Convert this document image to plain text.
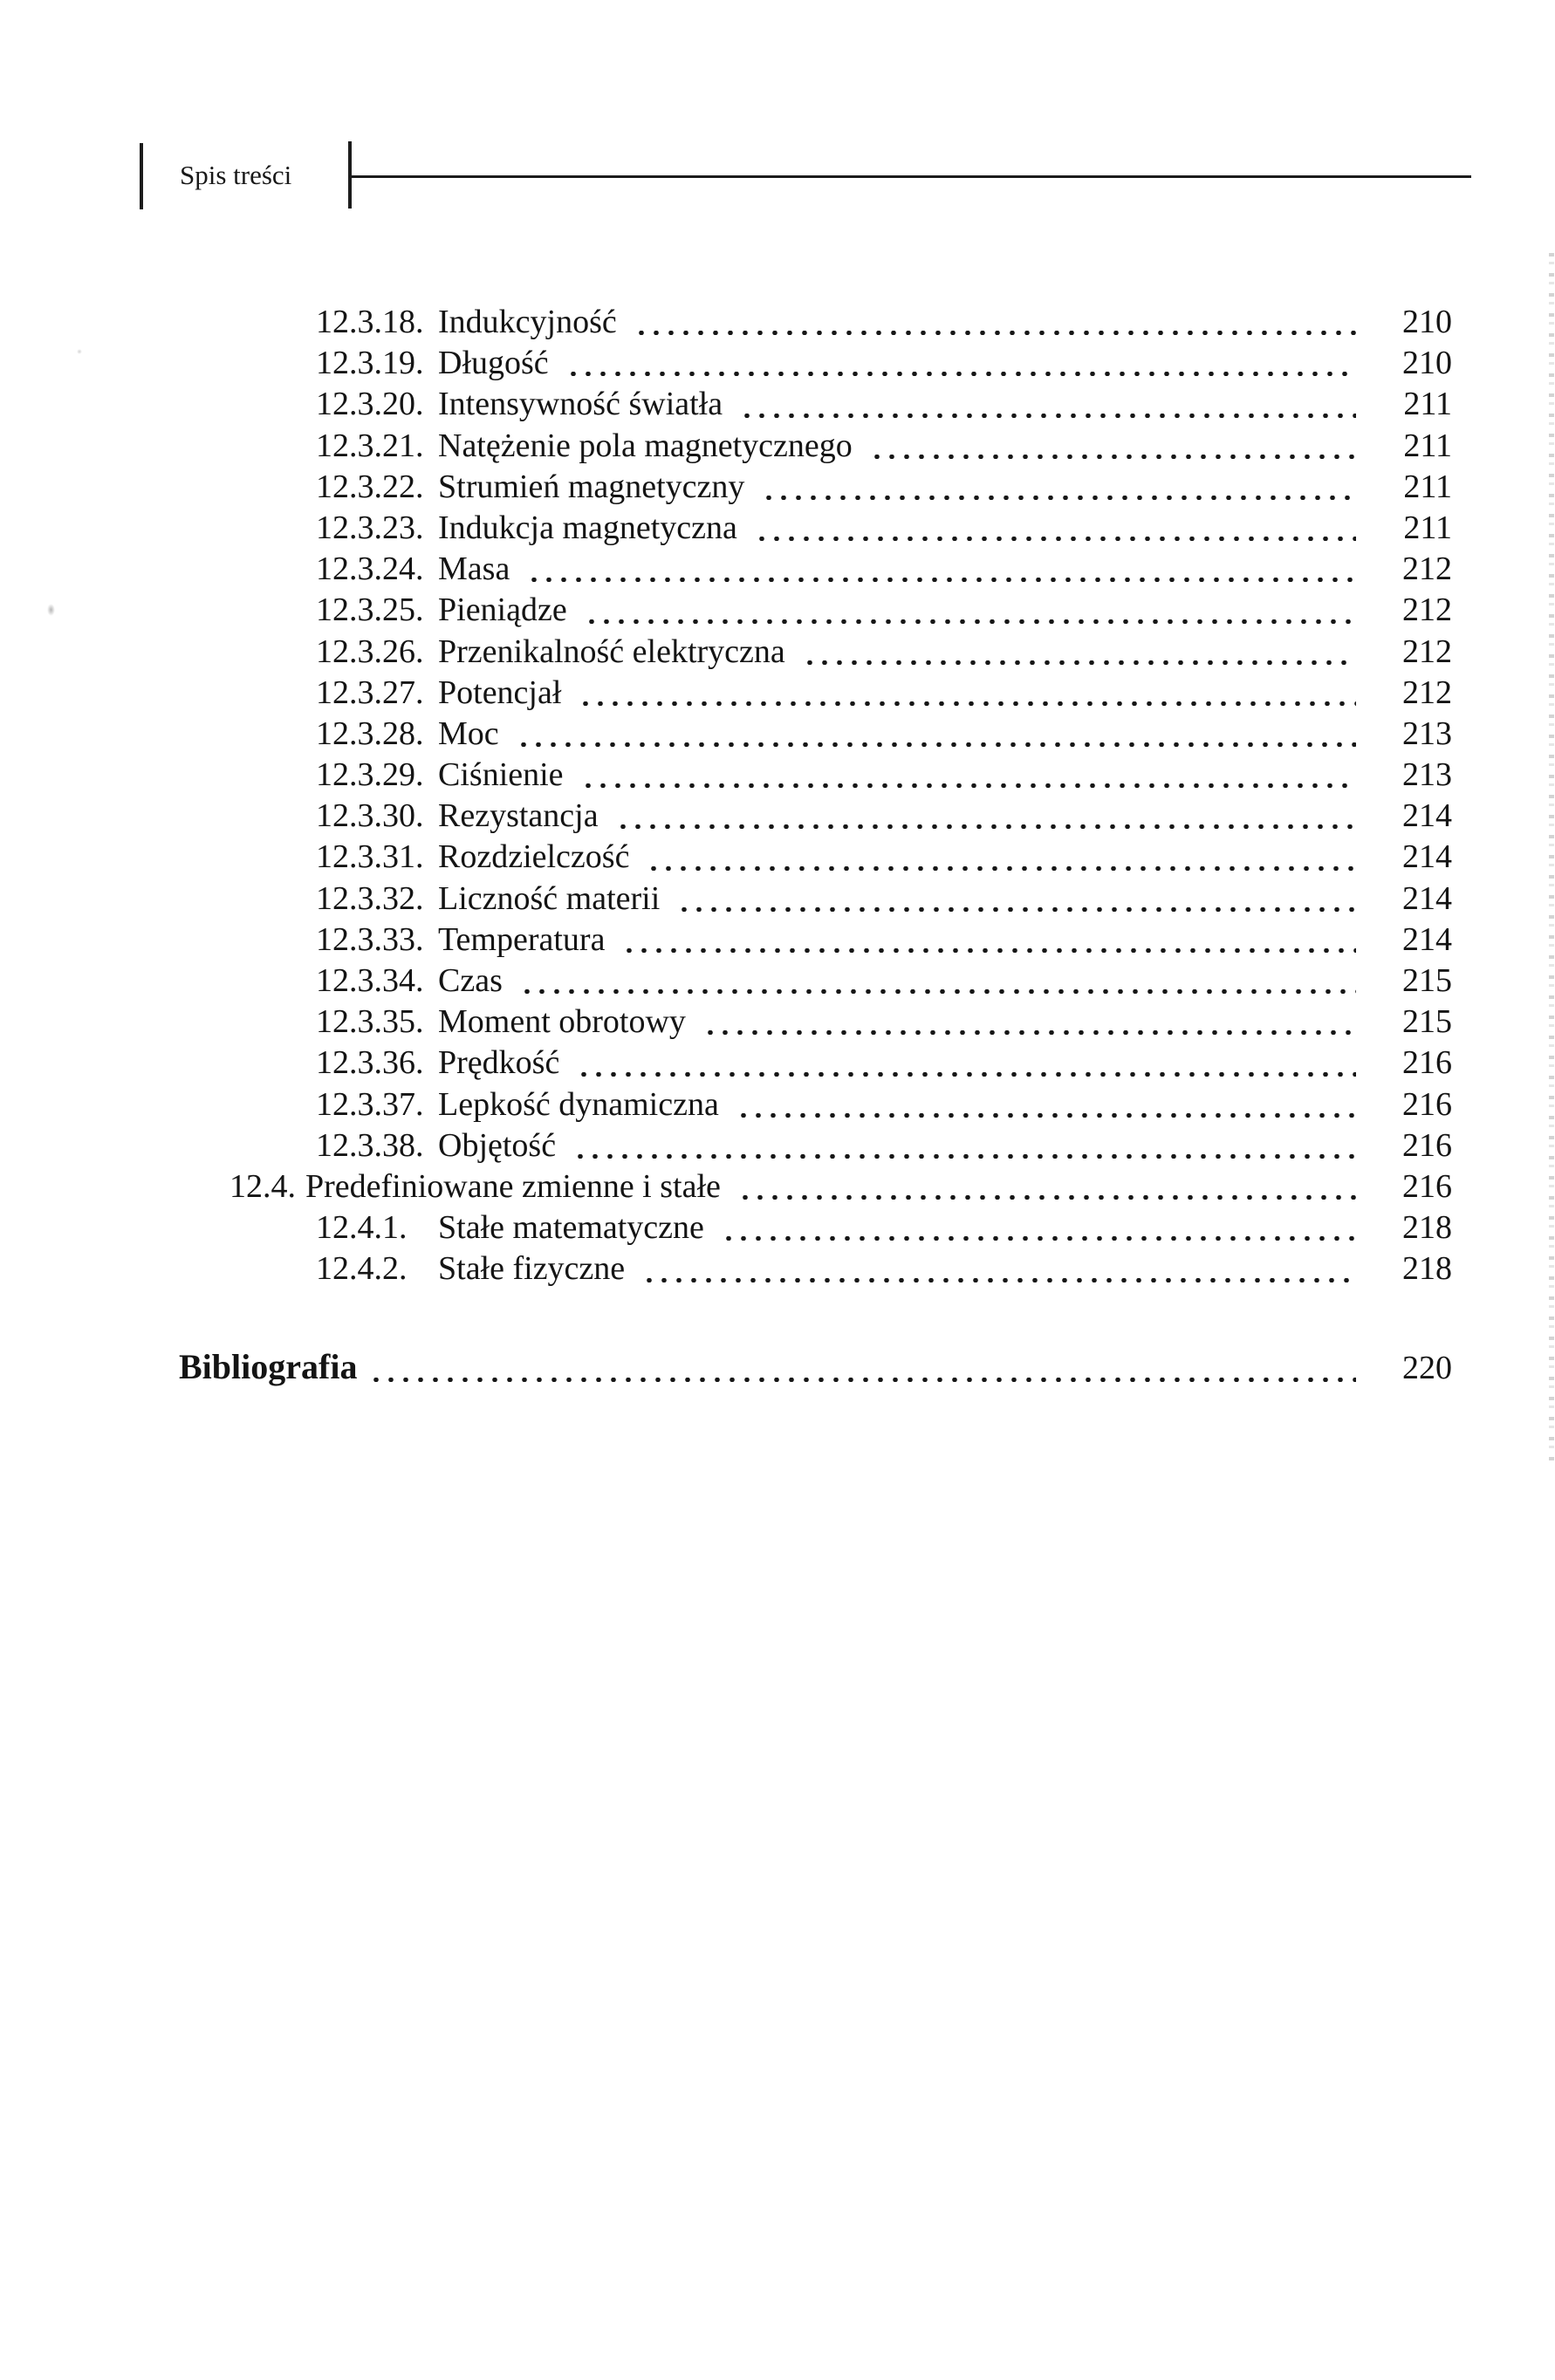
Spis treści
12.3.18. Indukcyjność	210
12.3.19. Długość	210
12.3.20. Intensywność światła	211
12.3.21. Natężenie pola magnetycznego	211
12.3.22. Strumień magnetyczny	211
12.3.23. Indukcja magnetyczna	211
12.3.24. Masa	212
12.3.25. Pieniądze	212
12.3.26. Przenikalność elektryczna	212
12.3.27. Potencjał	212
12.3.28. Moc	213
12.3.29. Ciśnienie	213
12.3.30. Rezystancja	214
12.3.31. Rozdzielczość	214
12.3.32. Liczność materii	214
12.3.33. Temperatura	214
12.3.34. Czas	215
12.3.35. Moment obrotowy	215
12.3.36. Prędkość	216
12.3.37. Lepkość dynamiczna	216
12.3.38. Objętość	216
12.4. Predefiniowane zmienne i stałe	216
12.4.1. Stałe matematyczne	218
12.4.2. Stałe fizyczne	218
Bibliografia	220
